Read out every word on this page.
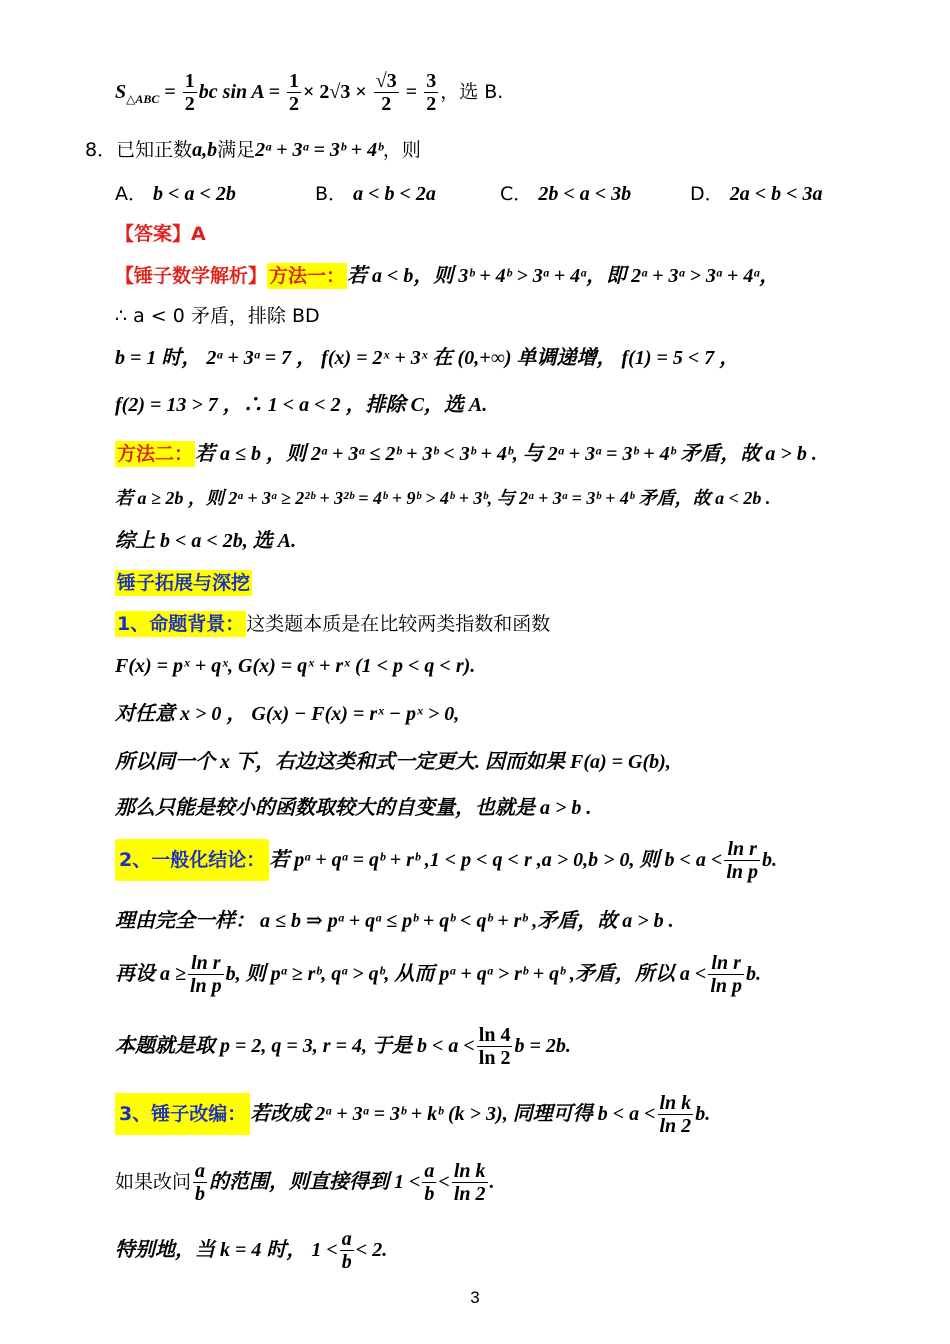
$S_{\triangle ABC} = \frac{1}{2}$ bc $\sin A = \frac{1}{2} \times 2√3 \times \frac{√3}{2} = \frac{3}{2}$ ，选 B.
8．已知正数a,b满足2ᵃ + 3ᵃ = 3ᵇ + 4ᵇ，则
A． b < a < 2b	B． a < b < 2a	C． 2b < a < 3b	D． 2a < b < 3a
【答案】A
【锤子数学解析】 方法一： 若 a < b，则 3ᵇ + 4ᵇ > 3ᵃ + 4ᵃ，即 2ᵃ + 3ᵃ > 3ᵃ + 4ᵃ，
∴ a < 0 矛盾，排除 BD
b = 1 时， 2ᵃ + 3ᵃ = 7 ， f(x) = 2ˣ + 3ˣ 在 (0,+∞) 单调递增， f(1) = 5 < 7 ，
f(2) = 13 > 7 ，∴ 1 < a < 2 ，排除 C，选 A.
方法二： 若 a ≤ b ，则 2ᵃ + 3ᵃ ≤ 2ᵇ + 3ᵇ < 3ᵇ + 4ᵇ, 与 2ᵃ + 3ᵃ = 3ᵇ + 4ᵇ 矛盾，故 a > b .
若 a ≥ 2b ，则 2ᵃ + 3ᵃ ≥ 2²ᵇ + 3²ᵇ = 4ᵇ + 9ᵇ > 4ᵇ + 3ᵇ, 与 2ᵃ + 3ᵃ = 3ᵇ + 4ᵇ 矛盾，故 a < 2b .
综上 b < a < 2b, 选 A.
锤子拓展与深挖
1、命题背景： 这类题本质是在比较两类指数和函数
F(x) = pˣ + qˣ, G(x) = qˣ + rˣ (1 < p < q < r).
对任意 x > 0 ， G(x) − F(x) = rˣ − pˣ > 0,
所以同一个 x 下，右边这类和式一定更大. 因而如果 F(a) = G(b),
那么只能是较小的函数取较大的自变量，也就是 a > b .
2、一般化结论： 若 pᵃ + qᵃ = qᵇ + rᵇ ,1 < p < q < r ,a > 0,b > 0, 则 $b < a < \frac{\text{ln r}}{\text{ln p}} b$.
理由完全一样： a ≤ b ⇒ pᵃ + qᵃ ≤ pᵇ + qᵇ < qᵇ + rᵇ ,矛盾，故 a > b .
再设 $a \ge \frac{\text{ln r}}{\text{ln p}} b$, 则 pᵃ ≥ rᵇ, qᵃ > qᵇ, 从而 pᵃ + qᵃ > rᵇ + qᵇ ,矛盾，所以 $a < \frac{\text{ln r}}{\text{ln p}} b$.
本题就是取 p = 2, q = 3, r = 4, 于是 $b < a < \frac{\ln 4}{\ln 2}$ b = 2b.
3、锤子改编： 若改成 2ᵃ + 3ᵃ = 3ᵇ + kᵇ (k > 3), 同理可得 $b < a < \frac{\text{ln k}}{\ln 2} b$.
如果改问 $\frac{a}{b}$ 的范围，则直接得到 $1 < \frac{a}{b} < \frac{\text{ln k}}{\ln 2}$ .
特别地，当 k = 4 时， $1 < \frac{a}{b} < 2$.
3
